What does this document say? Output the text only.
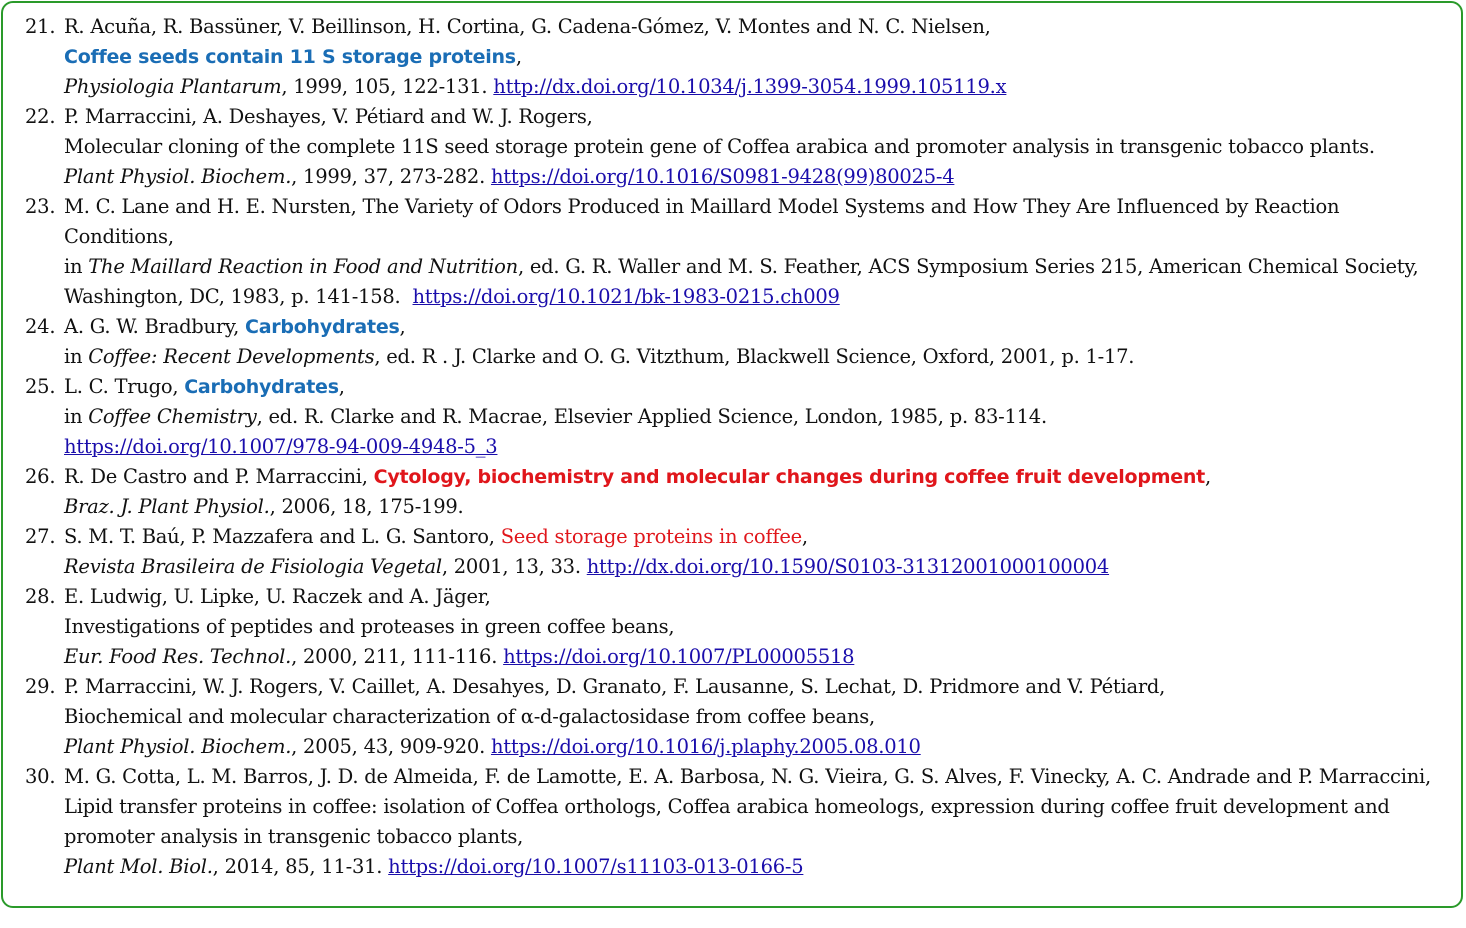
21. R. Acuña, R. Bassüner, V. Beillinson, H. Cortina, G. Cadena-Gómez, V. Montes and N. C. Nielsen,
Coffee seeds contain 11 S storage proteins,
Physiologia Plantarum, 1999, 105, 122-131. http://dx.doi.org/10.1034/j.1399-3054.1999.105119.x
22. P. Marraccini, A. Deshayes, V. Pétiard and W. J. Rogers,
Molecular cloning of the complete 11S seed storage protein gene of Coffea arabica and promoter analysis in transgenic tobacco plants.
Plant Physiol. Biochem., 1999, 37, 273-282. https://doi.org/10.1016/S0981-9428(99)80025-4
23. M. C. Lane and H. E. Nursten, The Variety of Odors Produced in Maillard Model Systems and How They Are Influenced by Reaction Conditions,
in The Maillard Reaction in Food and Nutrition, ed. G. R. Waller and M. S. Feather, ACS Symposium Series 215, American Chemical Society, Washington, DC, 1983, p. 141-158. https://doi.org/10.1021/bk-1983-0215.ch009
24. A. G. W. Bradbury, Carbohydrates,
in Coffee: Recent Developments, ed. R . J. Clarke and O. G. Vitzthum, Blackwell Science, Oxford, 2001, p. 1-17.
25. L. C. Trugo, Carbohydrates,
in Coffee Chemistry, ed. R. Clarke and R. Macrae, Elsevier Applied Science, London, 1985, p. 83-114.
https://doi.org/10.1007/978-94-009-4948-5_3
26. R. De Castro and P. Marraccini, Cytology, biochemistry and molecular changes during coffee fruit development,
Braz. J. Plant Physiol., 2006, 18, 175-199.
27. S. M. T. Baú, P. Mazzafera and L. G. Santoro, Seed storage proteins in coffee,
Revista Brasileira de Fisiologia Vegetal, 2001, 13, 33. http://dx.doi.org/10.1590/S0103-31312001000100004
28. E. Ludwig, U. Lipke, U. Raczek and A. Jäger,
Investigations of peptides and proteases in green coffee beans,
Eur. Food Res. Technol., 2000, 211, 111-116. https://doi.org/10.1007/PL00005518
29. P. Marraccini, W. J. Rogers, V. Caillet, A. Desahyes, D. Granato, F. Lausanne, S. Lechat, D. Pridmore and V. Pétiard,
Biochemical and molecular characterization of α-d-galactosidase from coffee beans,
Plant Physiol. Biochem., 2005, 43, 909-920. https://doi.org/10.1016/j.plaphy.2005.08.010
30. M. G. Cotta, L. M. Barros, J. D. de Almeida, F. de Lamotte, E. A. Barbosa, N. G. Vieira, G. S. Alves, F. Vinecky, A. C. Andrade and P. Marraccini,
Lipid transfer proteins in coffee: isolation of Coffea orthologs, Coffea arabica homeologs, expression during coffee fruit development and promoter analysis in transgenic tobacco plants,
Plant Mol. Biol., 2014, 85, 11-31. https://doi.org/10.1007/s11103-013-0166-5
